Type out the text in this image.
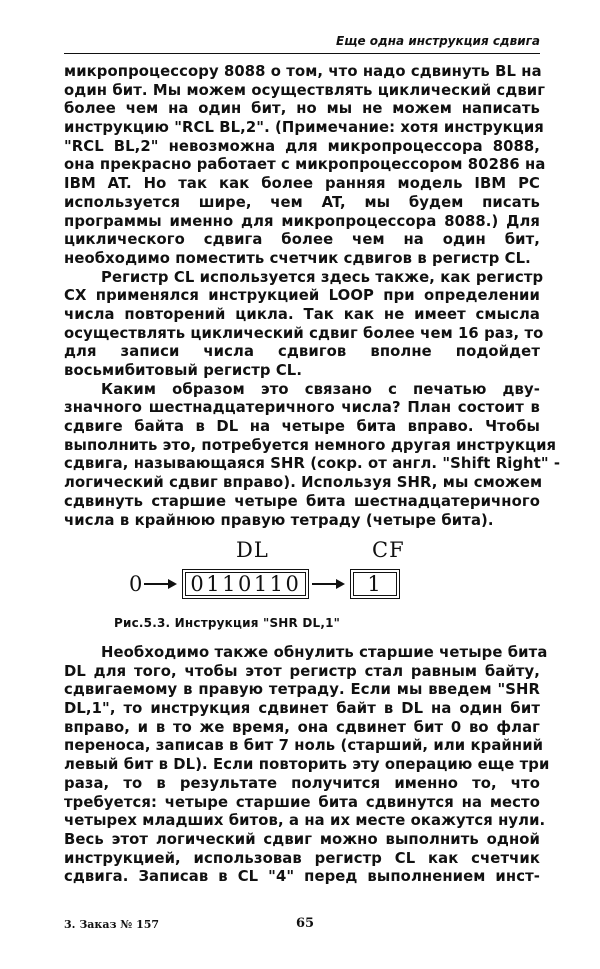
Еще одна инструкция сдвига
микропроцессору 8088 о том, что надо сдвинуть BL на
один бит. Мы можем осуществлять циклический сдвиг
более чем на один бит, но мы не можем написать
инструкцию "RCL BL,2". (Примечание: хотя инструкция
"RCL BL,2" невозможна для микропроцессора 8088,
она прекрасно работает с микропроцессором 80286 на
IBM AT. Но так как более ранняя модель IBM PC
используется шире, чем AT, мы будем писать
программы именно для микропроцессора 8088.) Для
циклического сдвига более чем на один бит,
необходимо поместить счетчик сдвигов в регистр CL.
Регистр CL используется здесь также, как регистр
CX применялся инструкцией LOOP при определении
числа повторений цикла. Так как не имеет смысла
осуществлять циклический сдвиг более чем 16 раз, то
для записи числа сдвигов вполне подойдет
восьмибитовый регистр CL.
Каким образом это связано с печатью дву-
значного шестнадцатеричного числа? План состоит в
сдвиге байта в DL на четыре бита вправо. Чтобы
выполнить это, потребуется немного другая инструкция
сдвига, называющаяся SHR (сокр. от англ. "Shift Right" -
логический сдвиг вправо). Используя SHR, мы сможем
сдвинуть старшие четыре бита шестнадцатеричного
числа в крайнюю правую тетраду (четыре бита).
DL	CF
0 0110110	1
Рис.5.3. Инструкция "SHR DL,1"
Необходимо также обнулить старшие четыре бита
DL для того, чтобы этот регистр стал равным байту,
сдвигаемому в правую тетраду. Если мы введем "SHR
DL,1", то инструкция сдвинет байт в DL на один бит
вправо, и в то же время, она сдвинет бит 0 во флаг
переноса, записав в бит 7 ноль (старший, или крайний
левый бит в DL). Если повторить эту операцию еще три
раза, то в результате получится именно то, что
требуется: четыре старшие бита сдвинутся на место
четырех младших битов, а на их месте окажутся нули.
Весь этот логический сдвиг можно выполнить одной
инструкцией, использовав регистр CL как счетчик
сдвига. Записав в CL "4" перед выполнением инст-
3. Заказ № 157	65
